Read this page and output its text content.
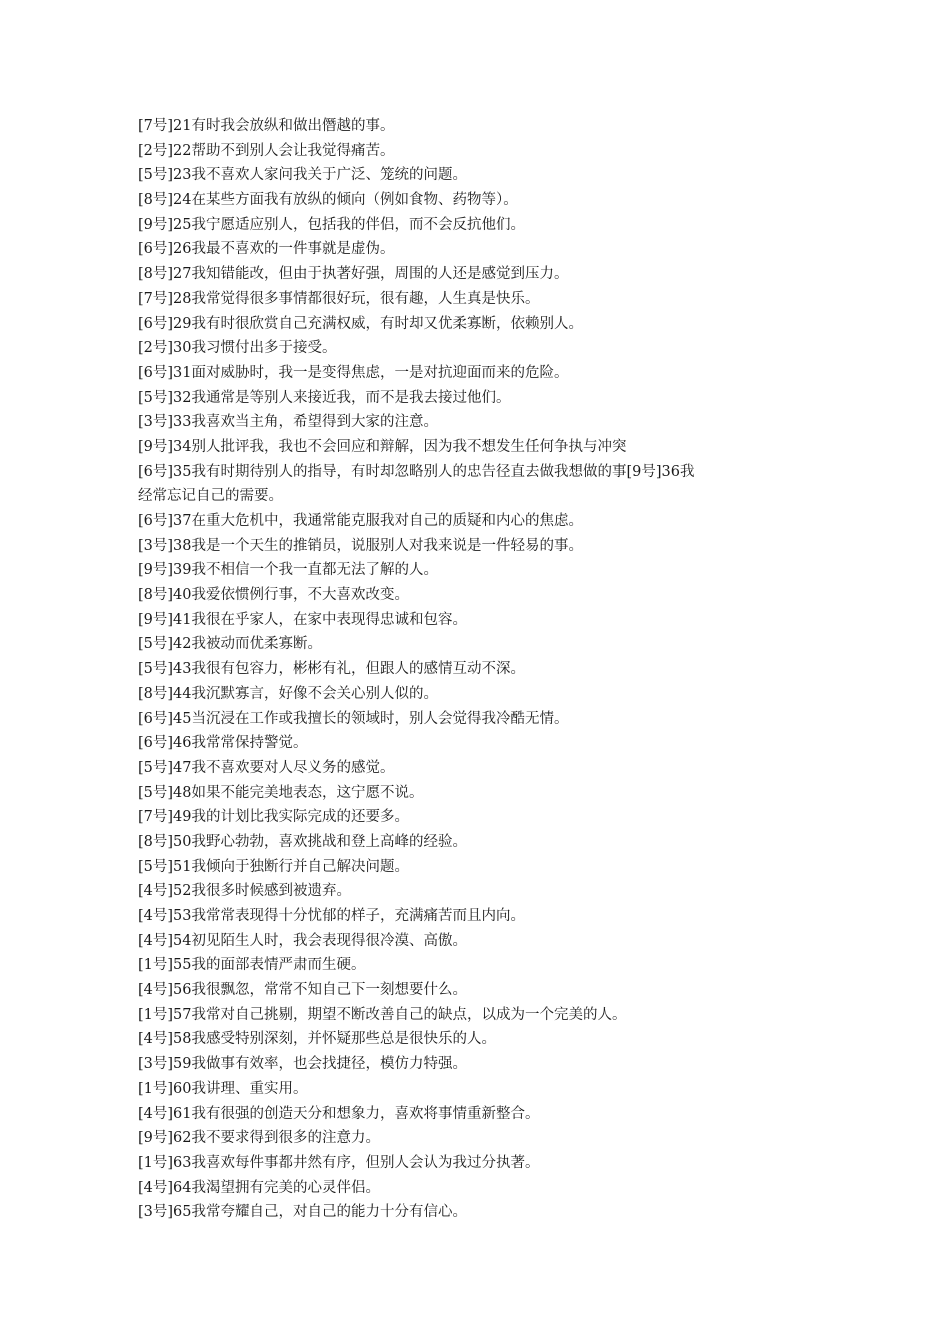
[7号]21有时我会放纵和做出僭越的事。
[2号]22帮助不到别人会让我觉得痛苦。
[5号]23我不喜欢人家问我关于广泛、笼统的问题。
[8号]24在某些方面我有放纵的倾向（例如食物、药物等）。
[9号]25我宁愿适应别人，包括我的伴侣，而不会反抗他们。
[6号]26我最不喜欢的一件事就是虚伪。
[8号]27我知错能改，但由于执著好强，周围的人还是感觉到压力。
[7号]28我常觉得很多事情都很好玩，很有趣，人生真是快乐。
[6号]29我有时很欣赏自己充满权威，有时却又优柔寡断，依赖别人。
[2号]30我习惯付出多于接受。
[6号]31面对威胁时，我一是变得焦虑，一是对抗迎面而来的危险。
[5号]32我通常是等别人来接近我，而不是我去接过他们。
[3号]33我喜欢当主角，希望得到大家的注意。
[9号]34别人批评我，我也不会回应和辩解，因为我不想发生任何争执与冲突
[6号]35我有时期待别人的指导，有时却忽略别人的忠告径直去做我想做的事[9号]36我
经常忘记自己的需要。
[6号]37在重大危机中，我通常能克服我对自己的质疑和内心的焦虑。
[3号]38我是一个天生的推销员，说服别人对我来说是一件轻易的事。
[9号]39我不相信一个我一直都无法了解的人。
[8号]40我爱依惯例行事，不大喜欢改变。
[9号]41我很在乎家人，在家中表现得忠诚和包容。
[5号]42我被动而优柔寡断。
[5号]43我很有包容力，彬彬有礼，但跟人的感情互动不深。
[8号]44我沉默寡言，好像不会关心别人似的。
[6号]45当沉浸在工作或我擅长的领域时，别人会觉得我冷酷无情。
[6号]46我常常保持警觉。
[5号]47我不喜欢要对人尽义务的感觉。
[5号]48如果不能完美地表态，这宁愿不说。
[7号]49我的计划比我实际完成的还要多。
[8号]50我野心勃勃，喜欢挑战和登上高峰的经验。
[5号]51我倾向于独断行并自己解决问题。
[4号]52我很多时候感到被遗弃。
[4号]53我常常表现得十分忧郁的样子，充满痛苦而且内向。
[4号]54初见陌生人时，我会表现得很冷漠、高傲。
[1号]55我的面部表情严肃而生硬。
[4号]56我很飘忽，常常不知自己下一刻想要什么。
[1号]57我常对自己挑剔，期望不断改善自己的缺点，以成为一个完美的人。
[4号]58我感受特别深刻，并怀疑那些总是很快乐的人。
[3号]59我做事有效率，也会找捷径，模仿力特强。
[1号]60我讲理、重实用。
[4号]61我有很强的创造天分和想象力，喜欢将事情重新整合。
[9号]62我不要求得到很多的注意力。
[1号]63我喜欢每件事都井然有序，但别人会认为我过分执著。
[4号]64我渴望拥有完美的心灵伴侣。
[3号]65我常夸耀自己，对自己的能力十分有信心。
